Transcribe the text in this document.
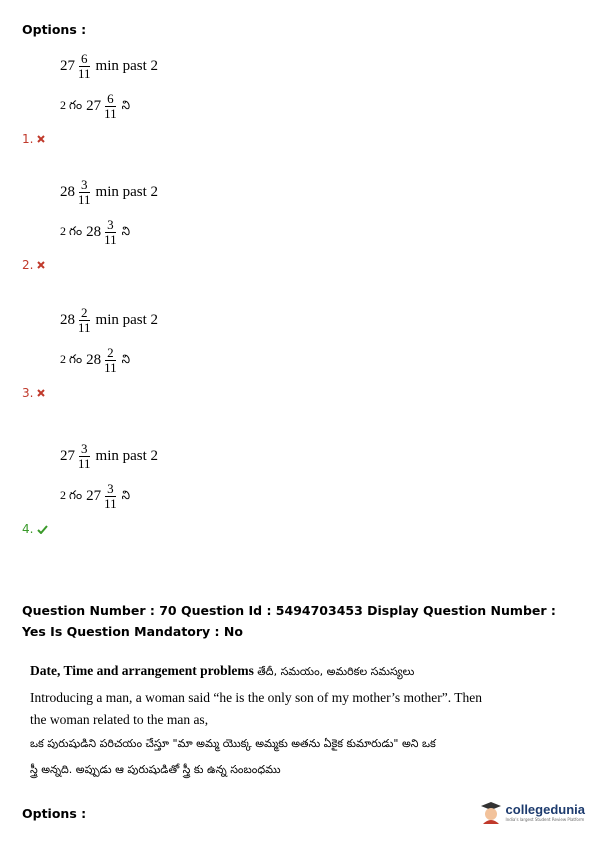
Options :
$27 \frac{6}{11}$ min past 2
2 గం $27 \frac{6}{11}$ ని
1.
$28 \frac{3}{11}$ min past 2
2 గం $28 \frac{3}{11}$ ని
2.
$28 \frac{2}{11}$ min past 2
2 గం $28 \frac{2}{11}$ ని
3.
$27 \frac{3}{11}$ min past 2
2 గం $27 \frac{3}{11}$ ని
4.
Question Number : 70 Question Id : 5494703453 Display Question Number : Yes Is Question Mandatory : No
Date, Time and arrangement problems తేదీ, సమయం, అమరికల సమస్యలు
Introducing a man, a woman said “he is the only son of my mother’s mother”. Then
the woman related to the man as,
ఒక పురుషుడిని పరిచయం చేస్తూ "మా అమ్మ యొక్క అమ్మకు అతను ఏకైక కుమారుడు" అని ఒక
స్త్రీ అన్నది. అప్పుడు ఆ పురుషుడితో స్త్రీ కు ఉన్న సంబంధము
Options :	collegedunia
India's largest Student Review Platform
